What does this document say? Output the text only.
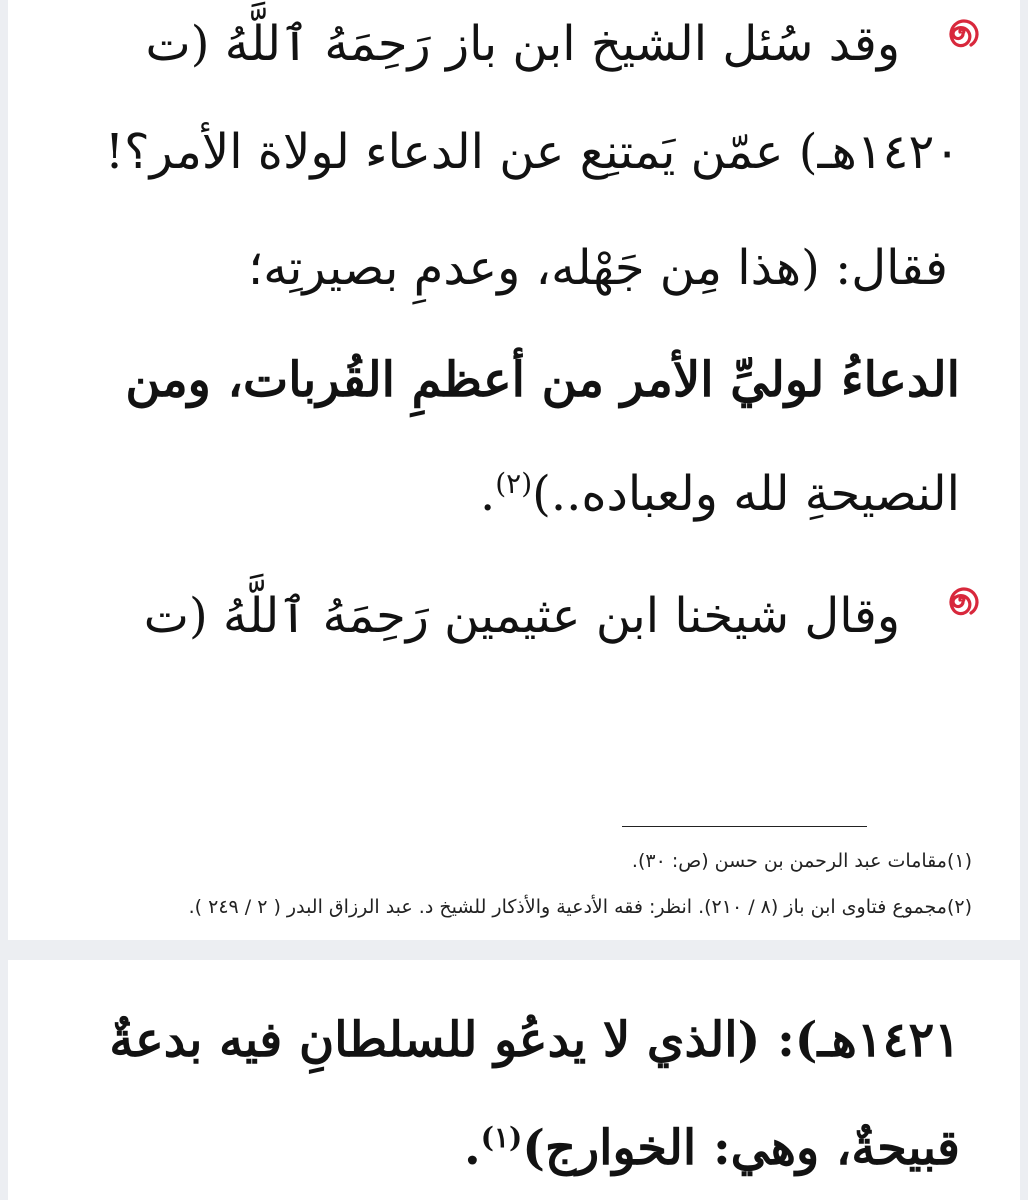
وقد سُئل الشيخ ابن باز رَحِمَهُ ٱللَّهُ (ت
١٤٢٠هـ) عمّن يَمتنِع عن الدعاء لولاة الأمر؟!
فقال: (هذا مِن جَهْله، وعدمِ بصيرتِه؛
الدعاءُ لوليِّ الأمر من أعظمِ القُربات، ومن
النصيحةِ لله ولعباده..)$^{(٢)}$.
وقال شيخنا ابن عثيمين رَحِمَهُ ٱللَّهُ (ت
(١)مقامات عبد الرحمن بن حسن (ص: ٣٠).
(٢)مجموع فتاوى ابن باز (٨ / ٢١٠). انظر: فقه الأدعية والأذكار للشيخ د. عبد الرزاق البدر ( ٢ / ٢٤٩ ).
١٤٢١هـ): (الذي لا يدعُو للسلطانِ فيه بدعةٌ
قبيحةٌ، وهي: الخوارج)$^{(١)}$.
